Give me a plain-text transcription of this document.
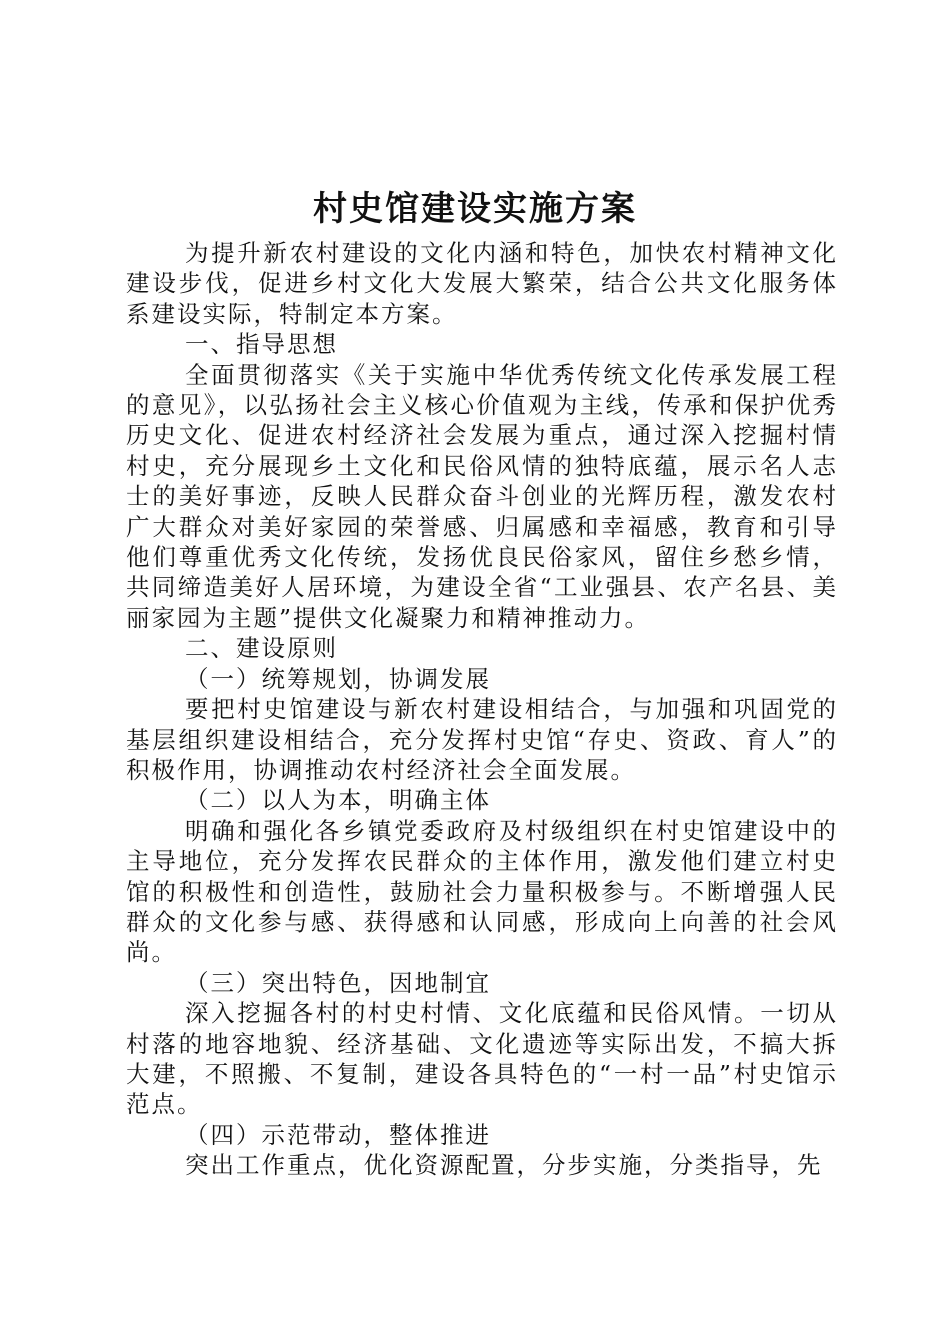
村史馆建设实施方案

为提升新农村建设的文化内涵和特色，加快农村精神文化建设步伐，促进乡村文化大发展大繁荣，结合公共文化服务体系建设实际，特制定本方案。

一、指导思想

全面贯彻落实《关于实施中华优秀传统文化传承发展工程的意见》，以弘扬社会主义核心价值观为主线，传承和保护优秀历史文化、促进农村经济社会发展为重点，通过深入挖掘村情村史，充分展现乡土文化和民俗风情的独特底蕴，展示名人志士的美好事迹，反映人民群众奋斗创业的光辉历程，激发农村广大群众对美好家园的荣誉感、归属感和幸福感，教育和引导他们尊重优秀文化传统，发扬优良民俗家风，留住乡愁乡情，共同缔造美好人居环境，为建设全省“工业强县、农产名县、美丽家园为主题”提供文化凝聚力和精神推动力。

二、建设原则

（一）统筹规划，协调发展

要把村史馆建设与新农村建设相结合，与加强和巩固党的基层组织建设相结合，充分发挥村史馆“存史、资政、育人”的积极作用，协调推动农村经济社会全面发展。

（二）以人为本，明确主体

明确和强化各乡镇党委政府及村级组织在村史馆建设中的主导地位，充分发挥农民群众的主体作用，激发他们建立村史馆的积极性和创造性，鼓励社会力量积极参与。不断增强人民群众的文化参与感、获得感和认同感，形成向上向善的社会风尚。

（三）突出特色，因地制宜

深入挖掘各村的村史村情、文化底蕴和民俗风情。一切从村落的地容地貌、经济基础、文化遗迹等实际出发，不搞大拆大建，不照搬、不复制，建设各具特色的“一村一品”村史馆示范点。

（四）示范带动，整体推进

突出工作重点，优化资源配置，分步实施，分类指导，先
